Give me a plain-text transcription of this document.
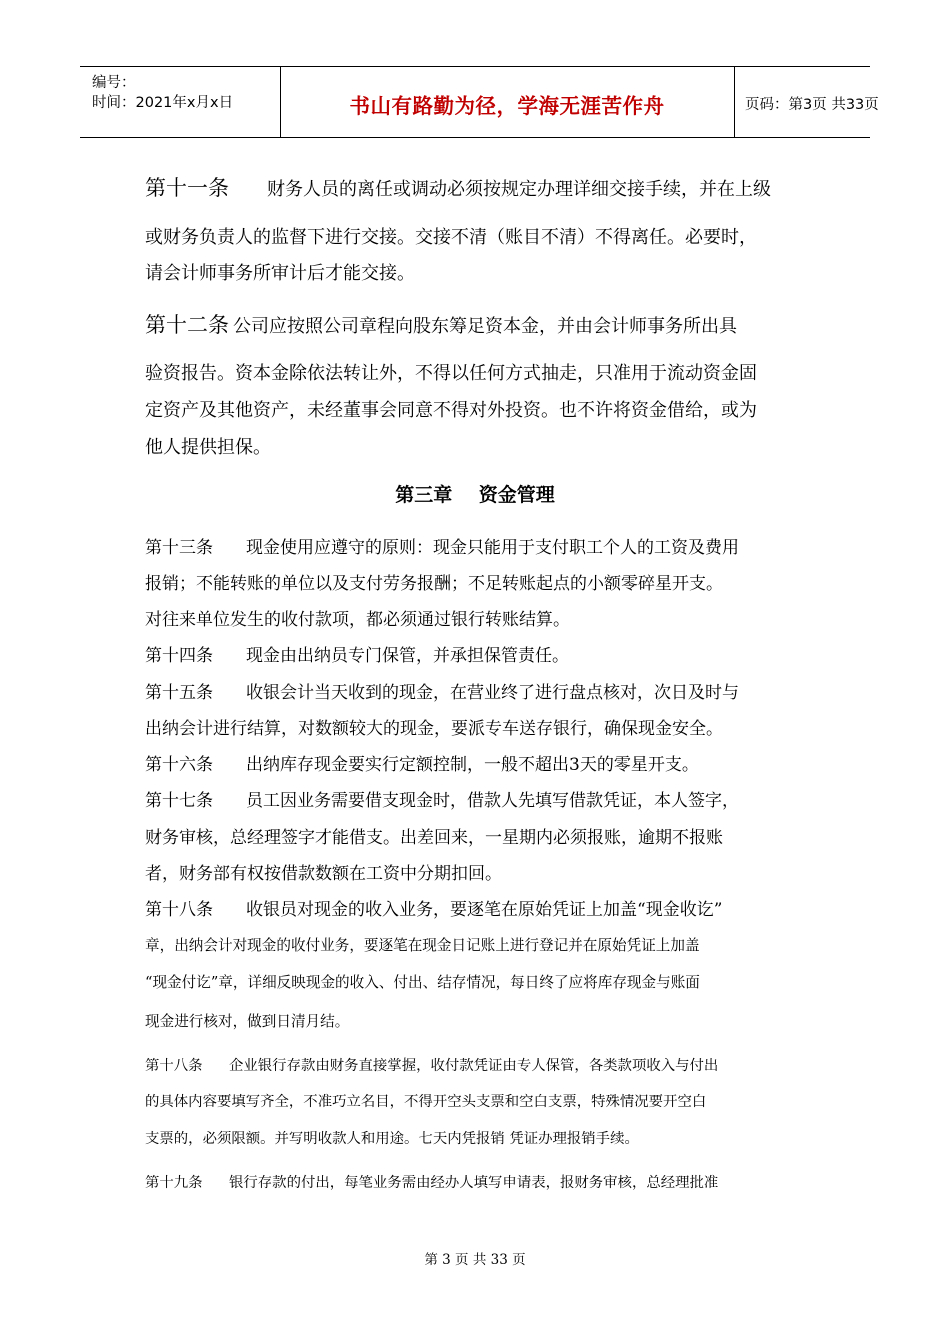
编号：
时间：2021年x月x日	书山有路勤为径，学海无涯苦作舟	页码：第3页 共33页
第十一条 财务人员的离任或调动必须按规定办理详细交接手续，并在上级
或财务负责人的监督下进行交接。交接不清（账目不清）不得离任。必要时，
请会计师事务所审计后才能交接。
第十二条 公司应按照公司章程向股东筹足资本金，并由会计师事务所出具
验资报告。资本金除依法转让外，不得以任何方式抽走，只准用于流动资金固
定资产及其他资产，未经董事会同意不得对外投资。也不许将资金借给，或为
他人提供担保。
第三章    资金管理
第十三条 现金使用应遵守的原则：现金只能用于支付职工个人的工资及费用
报销；不能转账的单位以及支付劳务报酬；不足转账起点的小额零碎星开支。
对往来单位发生的收付款项，都必须通过银行转账结算。
第十四条 现金由出纳员专门保管，并承担保管责任。
第十五条 收银会计当天收到的现金，在营业终了进行盘点核对，次日及时与
出纳会计进行结算，对数额较大的现金，要派专车送存银行，确保现金安全。
第十六条 出纳库存现金要实行定额控制，一般不超出3天的零星开支。
第十七条 员工因业务需要借支现金时，借款人先填写借款凭证，本人签字，
财务审核，总经理签字才能借支。出差回来，一星期内必须报账，逾期不报账
者，财务部有权按借款数额在工资中分期扣回。
第十八条 收银员对现金的收入业务，要逐笔在原始凭证上加盖“现金收讫”
章，出纳会计对现金的收付业务，要逐笔在现金日记账上进行登记并在原始凭证上加盖
“现金付讫”章，详细反映现金的收入、付出、结存情况，每日终了应将库存现金与账面
现金进行核对，做到日清月结。
第十八条 企业银行存款由财务直接掌握，收付款凭证由专人保管，各类款项收入与付出
的具体内容要填写齐全，不准巧立名目，不得开空头支票和空白支票，特殊情况要开空白
支票的，必须限额。并写明收款人和用途。七天内凭报销 凭证办理报销手续。
第十九条 银行存款的付出，每笔业务需由经办人填写申请表，报财务审核，总经理批准
第 3 页 共 33 页
